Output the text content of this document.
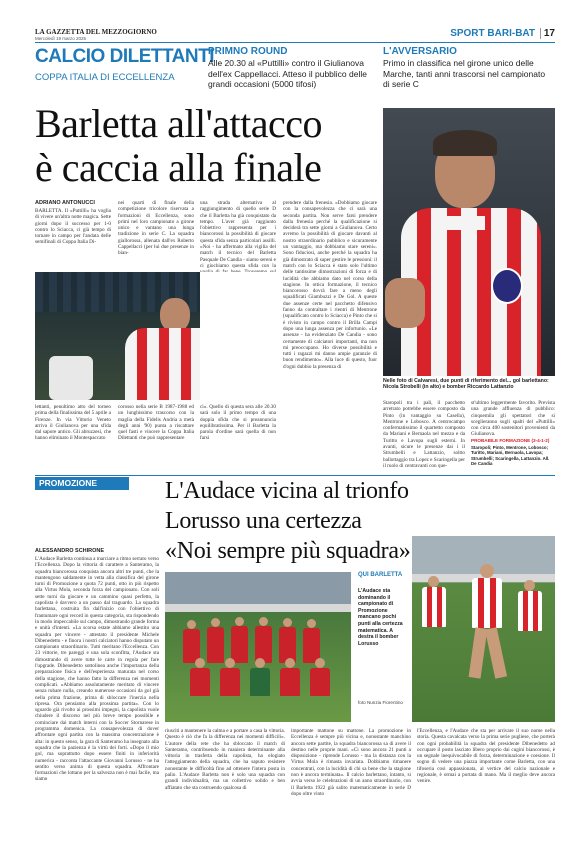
LA GAZZETTA DEL MEZZOGIORNO
Mercoledì 19 marzo 2025	SPORT BARI-BAT 17
CALCIO DILETTANTI
COPPA ITALIA DI ECCELLENZA
PRIMNO ROUND
Alle 20.30 al «Puttilli» contro il Giulianova dell'ex Cappellacci. Atteso il pubblico delle grandi occasioni (5000 tifosi)
L'AVVERSARIO
Primo in classifica nel girone unico delle Marche, tanti anni trascorsi nel campionato di serie C
Barletta all'attacco
è caccia alla finale
Nelle foto di Calvaresi, due punti di riferimento del... gol barlettano: Nicola Strobelli (in alto) e bomber Riccardo Lattanzio
ADRIANO ANTONUCCI
BARLETTA. Il «Puttilli» ha voglia di vivere un'altra notte magica. Sette giorni dopo il successo per 1-0 contro lo Sciacca, ci già tempo di tornare in campo per l'andata delle semifinali di Coppa Italia Di-
nei quarti di finale della competizione tricolore riservata a formazioni di Eccellenza, sono primi nel loro campionato a girone unico e vantano una lunga tradizione in serie C. La squadra giallorossa, allenata dall'ex Roberto Cappellacci (per lui due presenze in bian-
una strada alternativa al raggiungimento di quello serie D che il Barletta ha già conquistato da tempo. L'aver già raggiunto l'obiettivo rappresenta per i biancorossi la possibilità di giocare questa sfida senza particolari assilli. «Noi - ha affermato alla vigilia del match il tecnico del Barletta Pasquale De Candia - siamo sereni e ci giochiamo questa sfida con la
prendere dalla frenesia. «Dobbiamo giocare con la consapevolezza che ci sarà una seconda partita. Non serve farsi prendere dalla frenesia perché la qualificazione si deciderà tra sette giorni a Giulianova. Certo avremo la possibilità di giocare davanti al nostro straordinario pubblico e sicuramente un vantaggio, ma dobbiamo stare sereni». Sono fiduciosi, anche perché la squadra ha già dimostrato di saper gestire le pressioni: il match con lo Sciacca è stato solo l'ultimo delle tantissime dimostrazioni di forza e di lucidità che abbiamo dato nel corso della stagione. In ottica formazione, il tecnico biancorosso dovrà fare a meno degli squalificati Giambuzzi e De Gol. A queste due assenze certe nel pacchetto difensivo fanno da contraltare i rientri di Mentrone (squalificato contro lo Sciacca) e Pinto che si è rivisto in campo contro il Brilla Campi dopo una lunga assenza per infortunio. «Le assenze - ha evidenziato De Candia - sono certamente di calciatori importanti, ma non mi preoccupano. Ho diverse possibilità e tutti i ragazzi mi danno ampie garanzie di buon rendimento». Alla luce di questo, fuor d'ogni dubbio la presenza di
lettanti, penultimo atto del torneo prima della finalissima del 5 aprile a Firenze. In via Vittorio Veneto arriva il Giulianova per una sfida dal sapore antico. Gli abruzzesi, che hanno eliminato il Montespaccato
corosso nella serie B 1987-1988 ed un lunghissimo trascorso con la maglia della Fidelis Andria a metà degli anni '90) punta a riscattare quel fasti e vincere la Coppa Italia Dilettanti che può rappresentare
ci». Quello di questa sera alle 20.30 sarà solo il primo tempo di una doppia sfida che si preannuncia equilibratissima. Per il Barletta la parola d'ordine sarà quella di non farsi
Staropoli tra i pali, il pacchetto arretrato potrebbe essere composto da Pinto (in vantaggio su Casella), Mentrone e Lobosco. A centrocampo confermatissimo il quartetto composto da Mariani e Bernaola nel mezzo e da Turitto e Lavopa sugli esterni. In avanti, sicure le presenze dai i il Strumbelli e Lattanzio, soltto ballottaggio tra Lopez e Scaringella per il ruolo di centravanti con que-
st'ultimo leggermente favorito. Prevista una grande affluenza di pubblico: cinquemila gli spettatori che si sceglieranno sugli spalti del «Puttilli» con circa 400 sostenitori provenienti da Giulianova.
PROBABILE FORMAZIONE (3-4-1-2)
Staropoli; Pinto, Mentrone, Lobosco; Turitto, Mariani, Bernaola, Lavopa; Strumbelli; Scaringella, Lattanzio. All. De Candia
PROMOZIONE	L'Audace vicina al trionfo
Lorusso una certezza
«Noi sempre più squadra»
ALESSANDRO SCHIRONE
L'Audace Barletta continua a marciare a ritmo serrato verso l'Eccellenza. Dopo la vittoria di carattere a Santeramo, la squadra biancorossa conquista ancora altri tre punti, che la mantengono saldamente in vetta alla classifica del girone turni di Promozione a quota 72 punti, otto in più rispetto alla Virtus Mola, seconda forza del campionato. Con soli sette turni da giocare e un cammino quasi perfetto, la capolista è davvero a un passo dal traguardo. La squadra barlettana, costruita fin dall'inizio con l'obiettivo di frantumare ogni record in questa categoria, sta rispondendo in modo impeccabile sul campo, dimostrando grande forma e unità d'intenti. «La scorsa estate abbiamo allestito una squadra per vincere - attestato il presidente Michele Dibenedetto - e finora i nostri calciatori hanno disputato un campionato straordinario. Tutti meritano l'Eccellenza. Con 23 vittorie, tre pareggi e una sola sconfitta, l'Audace sta dimostrando di avere tutte le carte in regola per fare l'upgrade. Dibenedetto sottolinea anche l'importanza della preparazione fisica e dell'esperienza maturata nel corso della stagione, che hanno fatto la differenza nei momenti complicati. «Abbiamo assolutamente meritato di vincere senza rubare nulla, creando numerose occasioni da gol già nella prima frazione, prima di sbloccare l'inerzia nella ripresa. Ora pensiamo alla prossima partita». Con lo sguardo già rivolto ai prossimi impegni, la capolista vuole chiudere il discorso nel più breve tempo possibile e cominciare dai match interni con la Soccer Stornarese in programma domenica. La consapevolezza di dover affrontare ogni partita con la massima concentrazione è alta: in questo senso, la gara di Santeramo ha insegnato alla squadra che la pazienza è la virtù dei forti. «Dopo il mio gol, ma soprattutto dopo essere finiti in inferiorità numerica - racconta l'attaccante Giovanni Lorusso - ne ha sentito verso anima di questa squadra. Affrontare formazioni che lottano per la salvezza non è mai facile, ma siamo
QUI BARLETTA
L'Audace sta dominando il campionato di Promozione mancano pochi punti alla certezza matematica. A destra il bomber Lorusso
foto Nunzia Fiorentino
riusciti a mantenere la calma e a portare a casa la vittoria. Questo è ciò che fa la differenza nei momenti difficili». L'autore della rete che ha sbloccato il match di Santeramo, contribuendo in maniera determinante alla vittoria in trasferta della capolista, ha elogiato l'atteggiamento della squadra, che ha saputo resistere nonostante le difficoltà fino ad ottenere l'intera posta in palio. L'Audace Barletta non è solo una squadra con grandi individualità, ma un collettivo solido e ben affiatato che sta costruendo qualcosa di
importante mattone su mattone. La promozione in Eccellenza è sempre più vicina e, nonostante manchino ancora sette partite, la squadra biancorossa sa di avere il destino nelle proprie mani. «Ci sono ancora 21 punti a disposizione - riprende Lorusso - ma la distanza con la Virtus Mola è rimasta invariata. Dobbiamo rimanere concentrati, con la lucidità di chi sa bene che la stagione non è ancora terminata». Il calcio barlettano, intanto, si avvia verso le celebrazioni di un anno straordinario, con il Barletta 1922 già salito matematicamente in serie D dopo oltre vinto
l'Eccellenza, e l'Audace che sta per arrivare il suo nome nella storia. Questa cavalcata verso la prima serie pugliese, che porterà con ogni probabilità la squadra del presidente Dibenedetto ad occupare il posto lasciato libero proprio dai cugini biancorossi, è un segnale inequivocabile di forza, determinazione e coesione. Il sogno di vedere una piazza importante come Barletta, con una tifoseria così appassionata, al vertice del calcio nazionale e regionale, è ormai a portata di mano. Ma il meglio deve ancora venire.
